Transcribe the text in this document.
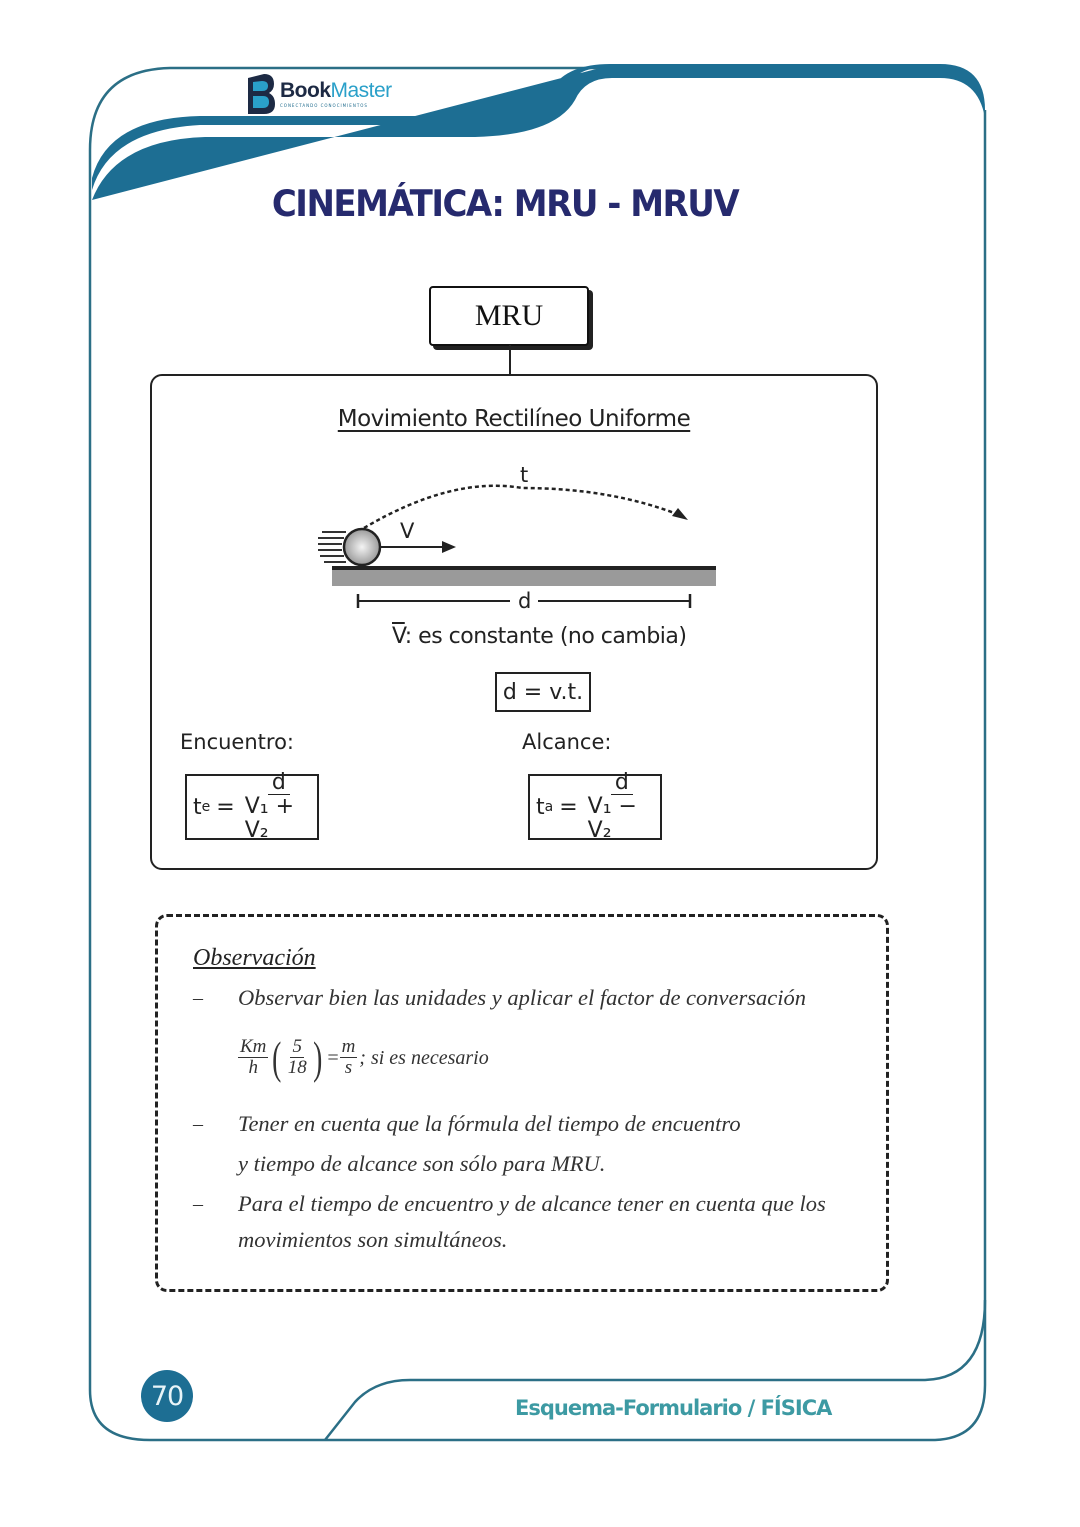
BookMaster
CONECTANDO CONOCIMIENTOS
CINEMÁTICA: MRU - MRUV
MRU
Movimiento Rectilíneo Uniforme
t
V
d
$\overline{V}$: es constante (no cambia)
d = v.t.
Encuentro:	Alcance:
t $e = \frac{d}{\text{V₁ + V₂}}$	t $a = \frac{d}{\text{V₁ − V₂}}$
Observación
– Observar bien las unidades y aplicar el factor de conversación
$\frac{Km}{h}$ ( $\frac{5}{18}$ ) = $\frac{m}{s}$ ; si es necesario
– Tener en cuenta que la fórmula del tiempo de encuentro
y tiempo de alcance son sólo para MRU.
– Para el tiempo de encuentro y de alcance tener en cuenta que los
movimientos son simultáneos.
70	Esquema-Formulario / FÍSICA
